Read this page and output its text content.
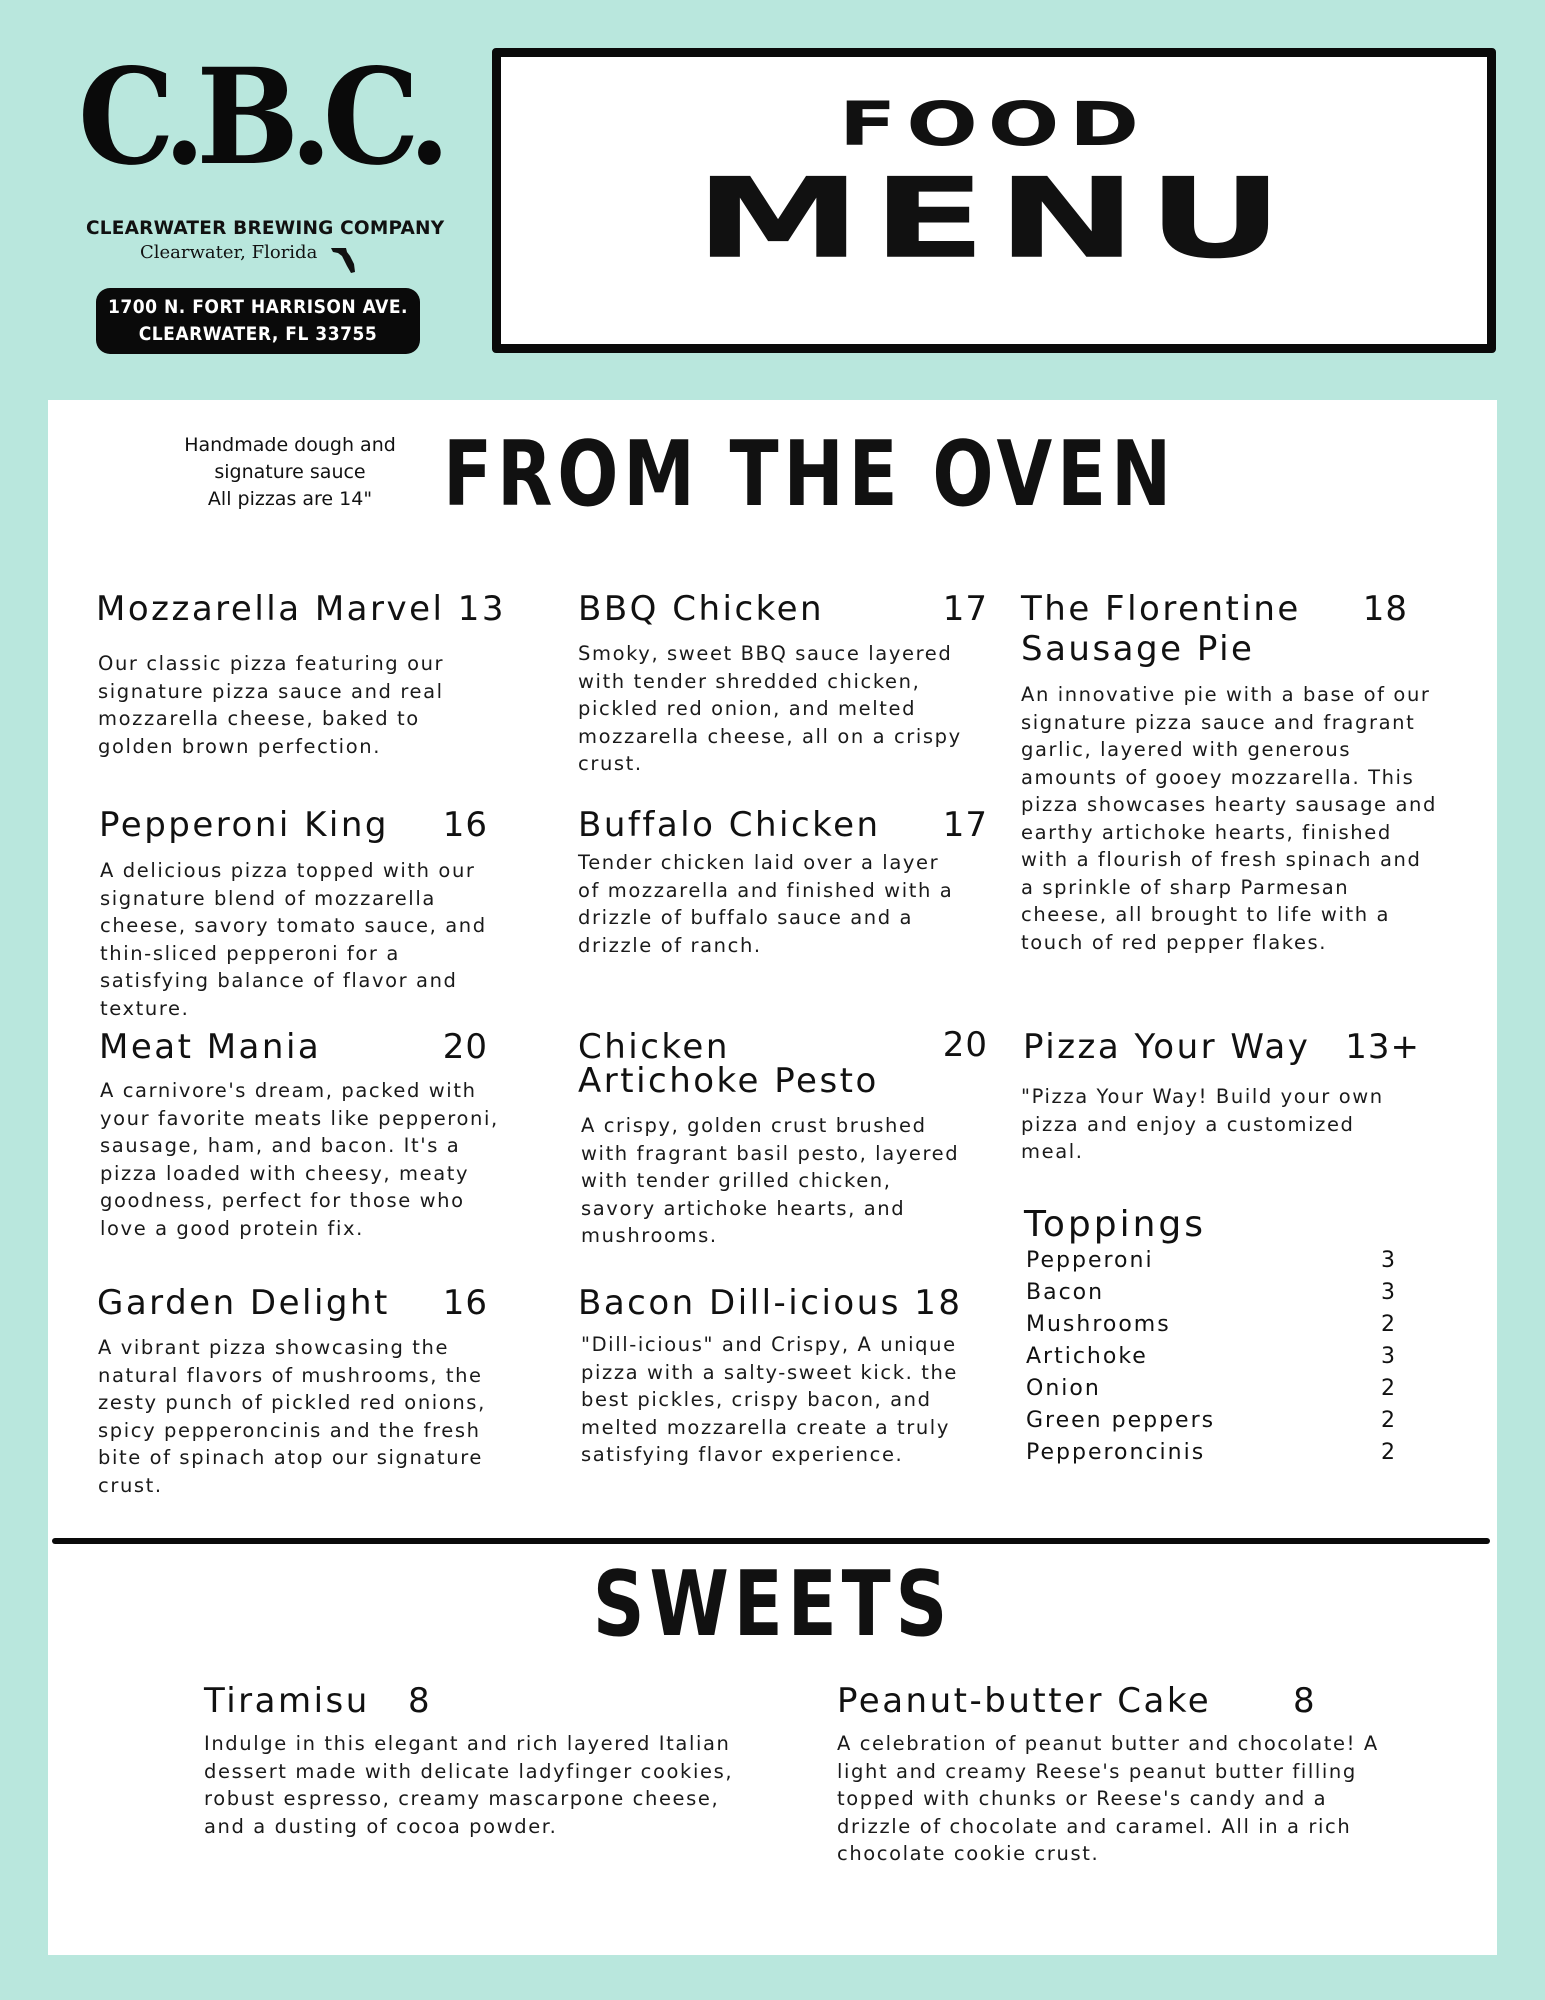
C.B.C.
CLEARWATER BREWING COMPANY
Clearwater, Florida
1700 N. FORT HARRISON AVE.
CLEARWATER, FL 33755
FOOD
MENU
Handmade dough and
signature sauce
All pizzas are 14" FROM THE OVEN
Mozzarella Marvel 13
Our classic pizza featuring our signature pizza sauce and real mozzarella cheese, baked to golden brown perfection.
Pepperoni King	16
A delicious pizza topped with our signature blend of mozzarella cheese, savory tomato sauce, and thin-sliced pepperoni for a satisfying balance of flavor and texture.
Meat Mania	20
A carnivore's dream, packed with your favorite meats like pepperoni, sausage, ham, and bacon. It's a pizza loaded with cheesy, meaty goodness, perfect for those who love a good protein fix.
Garden Delight	16
A vibrant pizza showcasing the natural flavors of mushrooms, the zesty punch of pickled red onions, spicy pepperoncinis and the fresh bite of spinach atop our signature crust.
BBQ Chicken	17
Smoky, sweet BBQ sauce layered with tender shredded chicken, pickled red onion, and melted mozzarella cheese, all on a crispy crust.
Buffalo Chicken	17
Tender chicken laid over a layer of mozzarella and finished with a drizzle of buffalo sauce and a drizzle of ranch.
Chicken
Artichoke Pesto
20
A crispy, golden crust brushed with fragrant basil pesto, layered with tender grilled chicken, savory artichoke hearts, and mushrooms.
Bacon Dill-icious 18
"Dill-icious" and Crispy, A unique pizza with a salty-sweet kick. the best pickles, crispy bacon, and melted mozzarella create a truly satisfying flavor experience.
The Florentine
Sausage Pie
18
An innovative pie with a base of our signature pizza sauce and fragrant garlic, layered with generous amounts of gooey mozzarella. This pizza showcases hearty sausage and earthy artichoke hearts, finished with a flourish of fresh spinach and a sprinkle of sharp Parmesan cheese, all brought to life with a touch of red pepper flakes.
Pizza Your Way 13+
"Pizza Your Way! Build your own pizza and enjoy a customized meal.
Toppings
Pepperoni	3
Bacon	3
Mushrooms	2
Artichoke	3
Onion	2
Green peppers	2
Pepperoncinis	2
SWEETS
Tiramisu 8
Indulge in this elegant and rich layered Italian dessert made with delicate ladyfinger cookies, robust espresso, creamy mascarpone cheese, and a dusting of cocoa powder.
Peanut-butter Cake 8
A celebration of peanut butter and chocolate! A light and creamy Reese's peanut butter filling topped with chunks or Reese's candy and a drizzle of chocolate and caramel. All in a rich chocolate cookie crust.
